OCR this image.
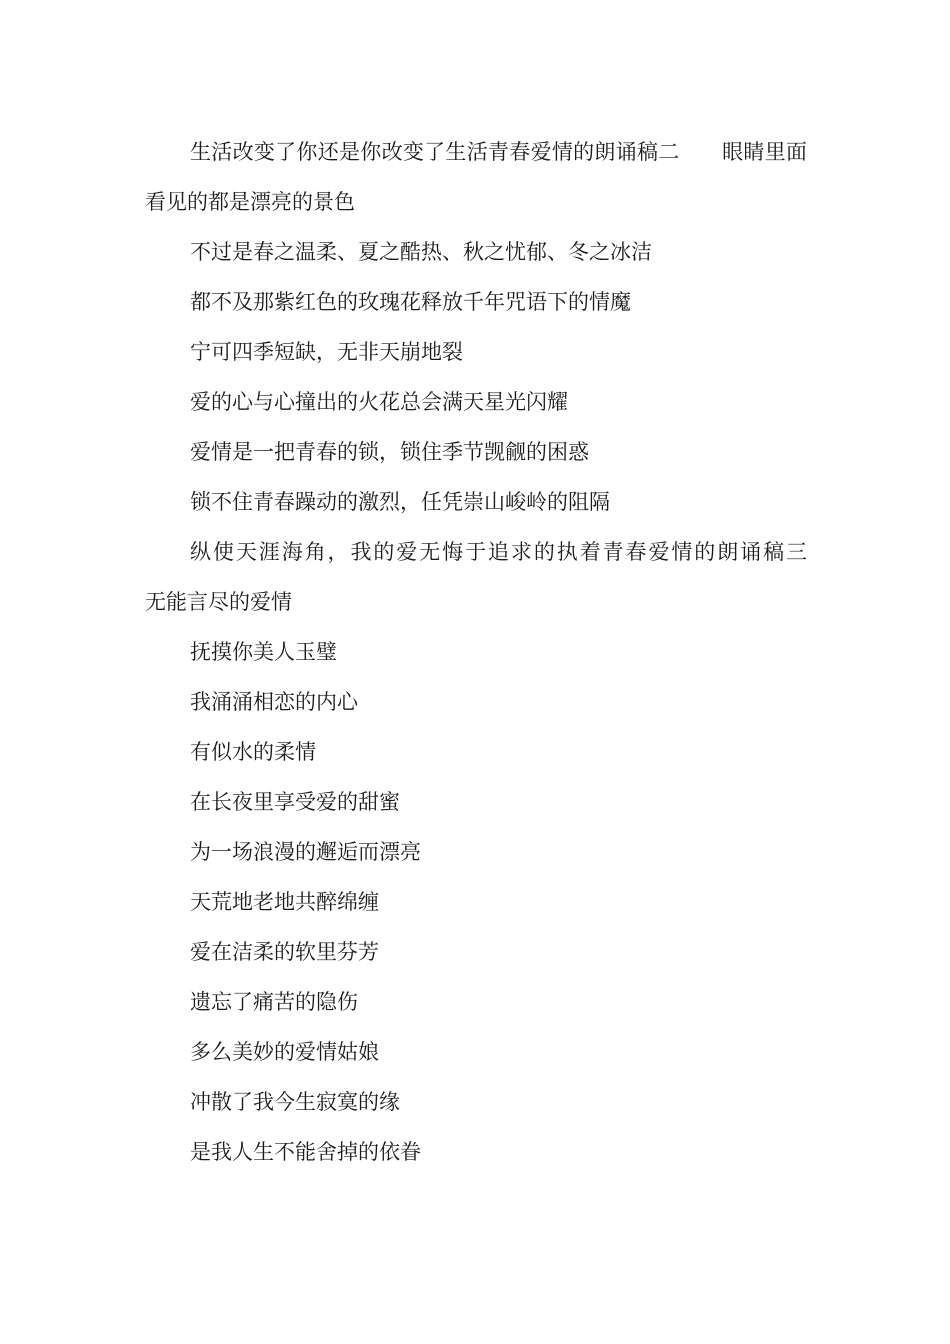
生活改变了你还是你改变了生活青春爱情的朗诵稿二　　眼睛里面看见的都是漂亮的景色

不过是春之温柔、夏之酷热、秋之忧郁、冬之冰洁

都不及那紫红色的玫瑰花释放千年咒语下的情魔

宁可四季短缺，无非天崩地裂

爱的心与心撞出的火花总会满天星光闪耀

爱情是一把青春的锁，锁住季节觊觎的困惑

锁不住青春躁动的激烈，任凭崇山峻岭的阻隔

纵使天涯海角，我的爱无悔于追求的执着青春爱情的朗诵稿三　　无能言尽的爱情

抚摸你美人玉璧

我涌涌相恋的内心

有似水的柔情

在长夜里享受爱的甜蜜

为一场浪漫的邂逅而漂亮

天荒地老地共醉绵缠

爱在洁柔的软里芬芳

遗忘了痛苦的隐伤

多么美妙的爱情姑娘

冲散了我今生寂寞的缘

是我人生不能舍掉的依眷
